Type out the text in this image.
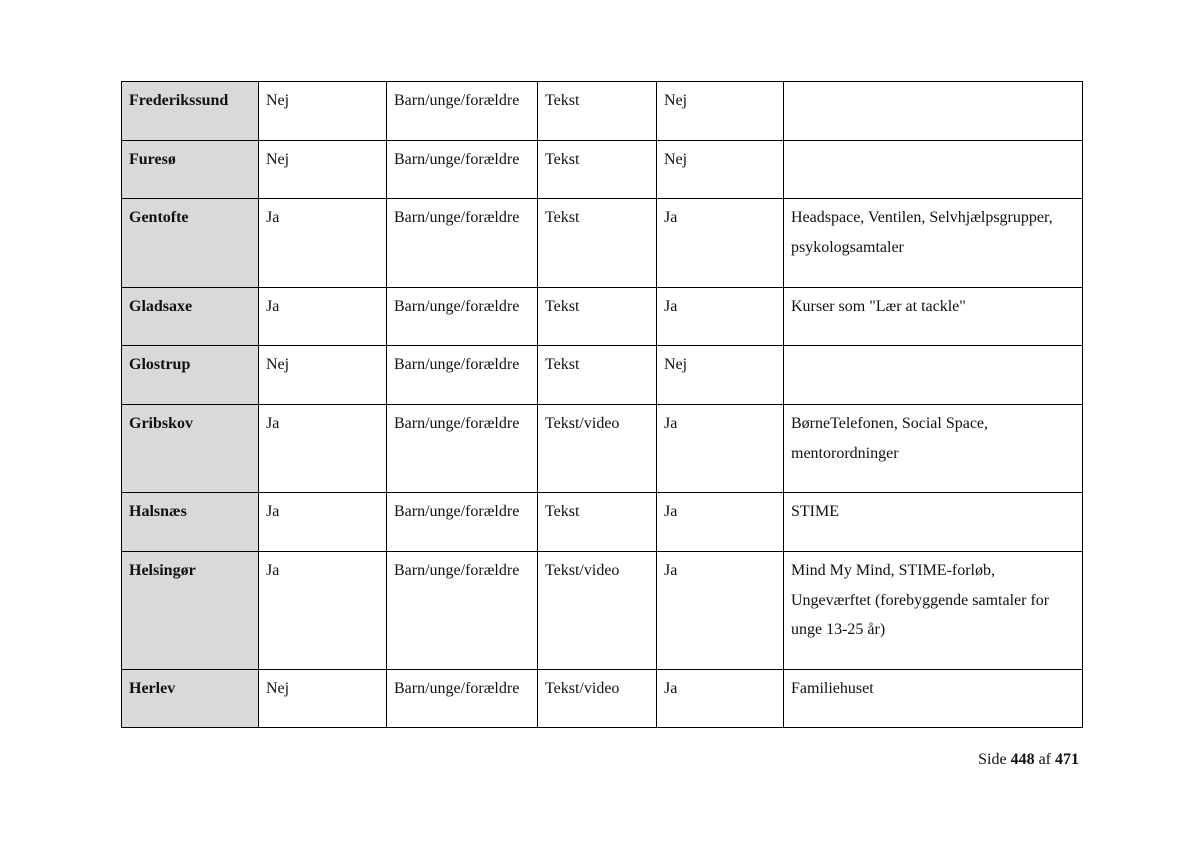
Frederikssund	Nej	Barn/unge/forældre	Tekst	Nej	
Furesø	Nej	Barn/unge/forældre	Tekst	Nej	
Gentofte	Ja	Barn/unge/forældre	Tekst	Ja	Headspace, Ventilen, Selvhjælpsgrupper, psykologsamtaler
Gladsaxe	Ja	Barn/unge/forældre	Tekst	Ja	Kurser som "Lær at tackle"
Glostrup	Nej	Barn/unge/forældre	Tekst	Nej	
Gribskov	Ja	Barn/unge/forældre	Tekst/video	Ja	BørneTelefonen, Social Space, mentorordninger
Halsnæs	Ja	Barn/unge/forældre	Tekst	Ja	STIME
Helsingør	Ja	Barn/unge/forældre	Tekst/video	Ja	Mind My Mind, STIME-forløb, Ungeværftet (forebyggende samtaler for unge 13-25 år)
Herlev	Nej	Barn/unge/forældre	Tekst/video	Ja	Familiehuset
Side 448 af 471
